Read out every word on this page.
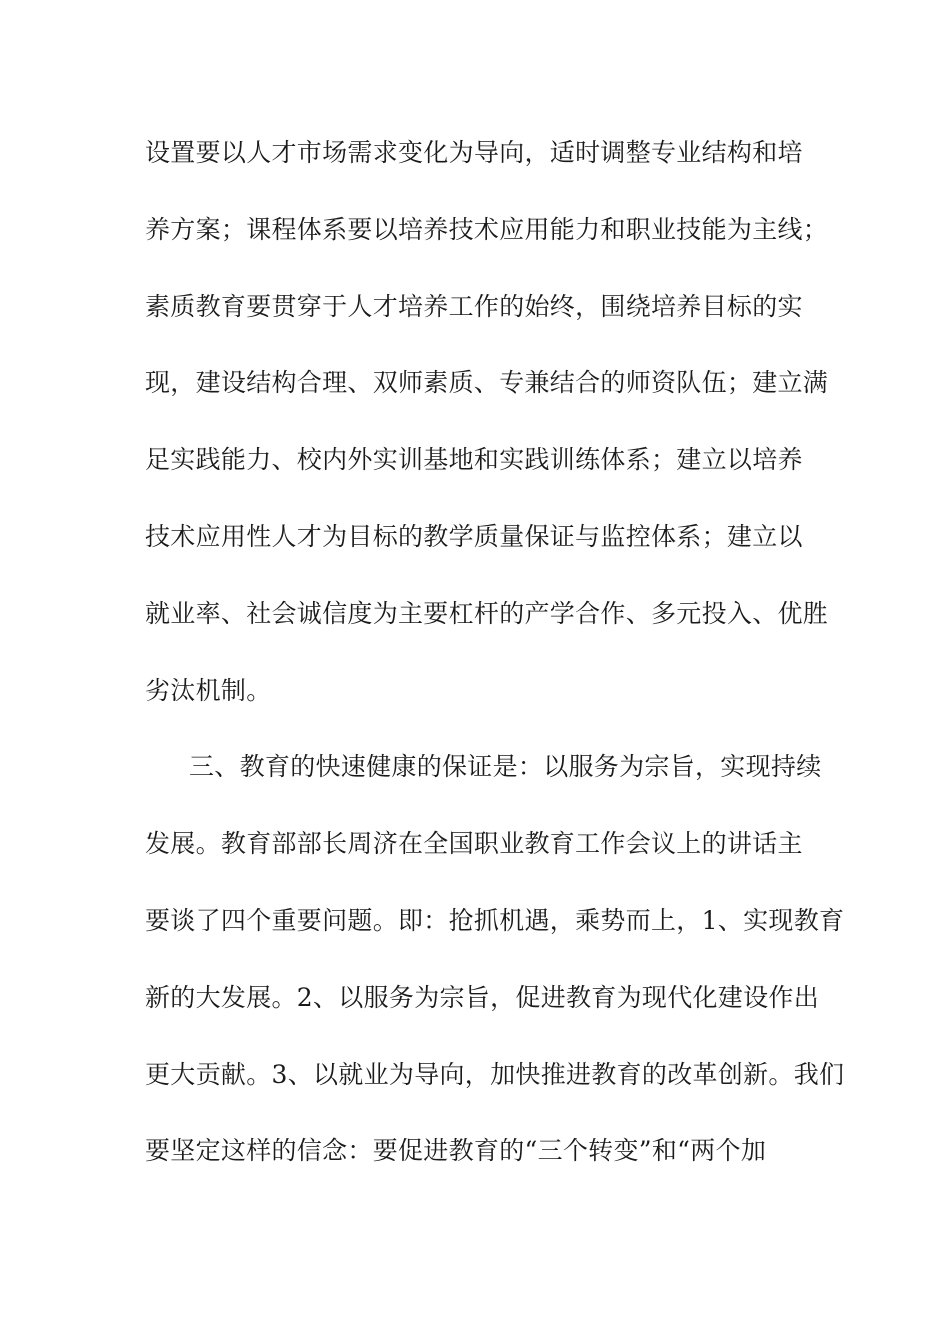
设置要以人才市场需求变化为导向，适时调整专业结构和培
养方案；课程体系要以培养技术应用能力和职业技能为主线；
素质教育要贯穿于人才培养工作的始终，围绕培养目标的实
现，建设结构合理、双师素质、专兼结合的师资队伍；建立满
足实践能力、校内外实训基地和实践训练体系；建立以培养
技术应用性人才为目标的教学质量保证与监控体系；建立以
就业率、社会诚信度为主要杠杆的产学合作、多元投入、优胜
劣汰机制。
三、教育的快速健康的保证是：以服务为宗旨，实现持续
发展。教育部部长周济在全国职业教育工作会议上的讲话主
要谈了四个重要问题。即：抢抓机遇，乘势而上，1、实现教育
新的大发展。2、以服务为宗旨，促进教育为现代化建设作出
更大贡献。3、以就业为导向，加快推进教育的改革创新。我们
要坚定这样的信念：要促进教育的“三个转变”和“两个加
